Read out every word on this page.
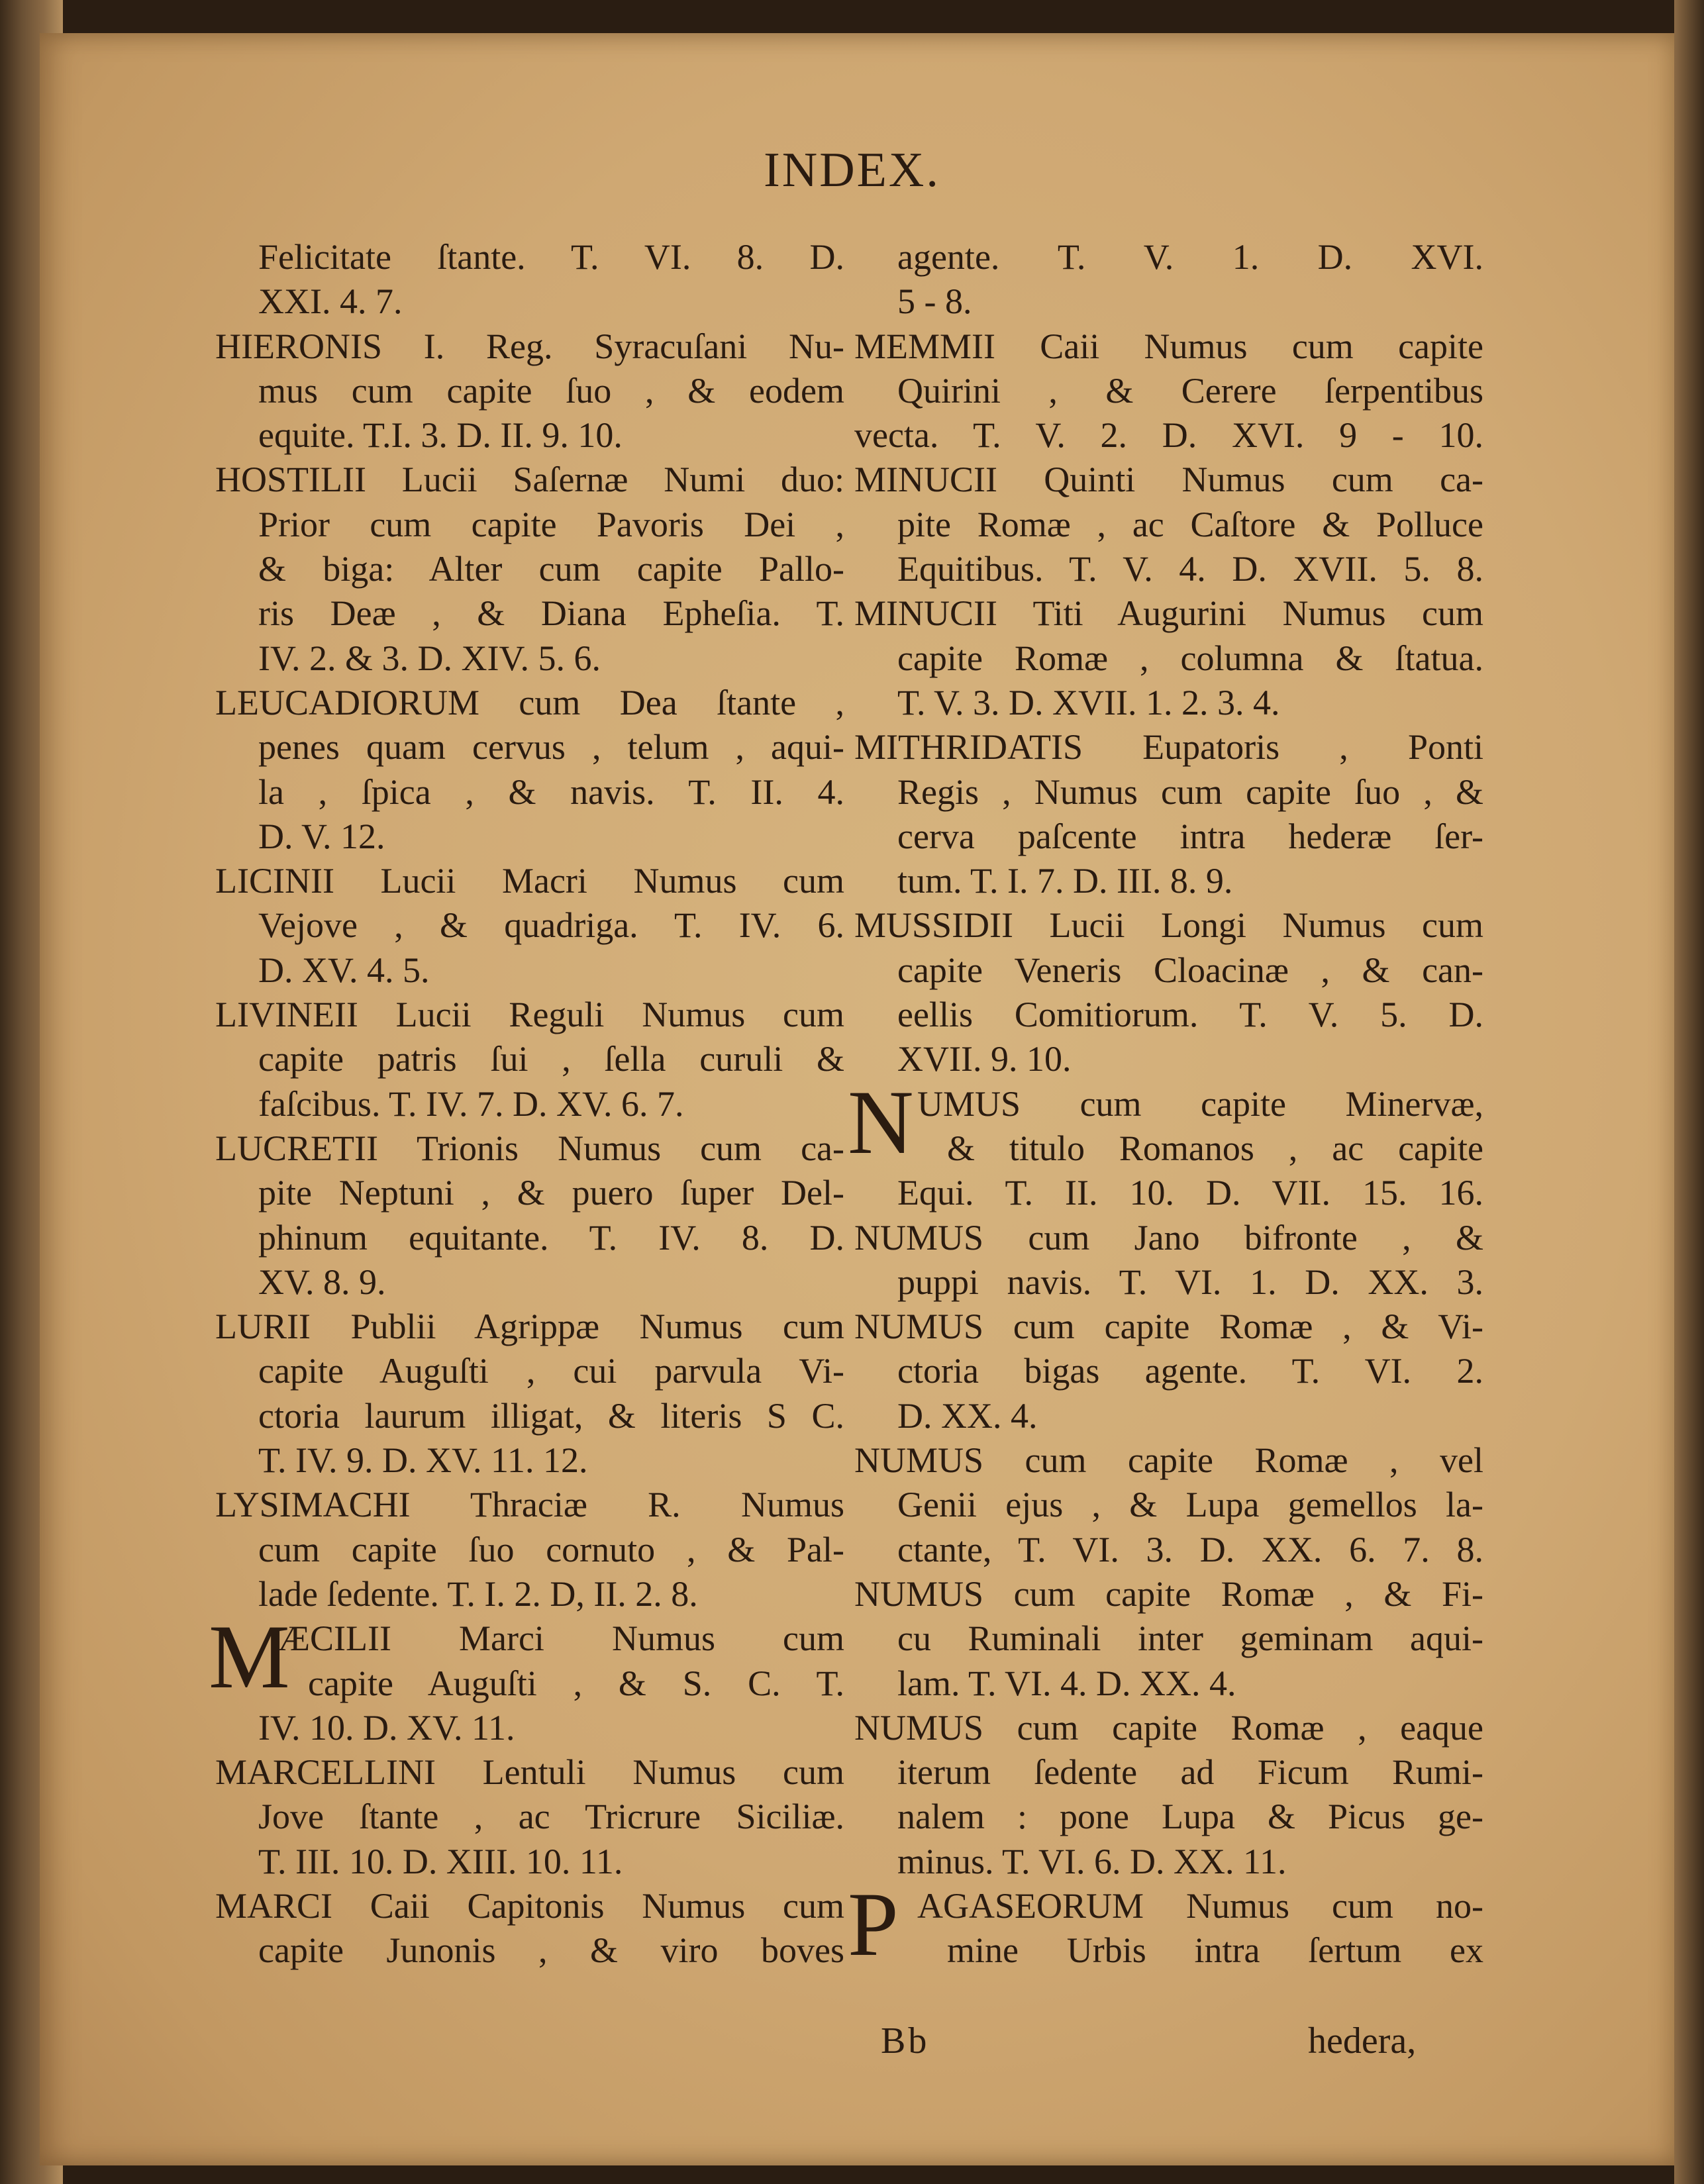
INDEX.
Felicitate ſtante. T. VI. 8. D.
XXI. 4. 7.
HIERONIS I. Reg. Syracuſani Nu-
mus cum capite ſuo , & eodem
equite. T.I. 3. D. II. 9. 10.
HOSTILII Lucii Saſernæ Numi duo:
Prior cum capite Pavoris Dei ,
& biga: Alter cum capite Pallo-
ris Deæ , & Diana Epheſia. T.
IV. 2. & 3. D. XIV. 5. 6.
LEUCADIORUM cum Dea ſtante ,
penes quam cervus , telum , aqui-
la , ſpica , & navis. T. II. 4.
D. V. 12.
LICINII Lucii Macri Numus cum
Vejove , & quadriga. T. IV. 6.
D. XV. 4. 5.
LIVINEII Lucii Reguli Numus cum
capite patris ſui , ſella curuli &
faſcibus. T. IV. 7. D. XV. 6. 7.
LUCRETII Trionis Numus cum ca-
pite Neptuni , & puero ſuper Del-
phinum equitante. T. IV. 8. D.
XV. 8. 9.
LURII Publii Agrippæ Numus cum
capite Auguſti , cui parvula Vi-
ctoria laurum illigat, & literis S C.
T. IV. 9. D. XV. 11. 12.
LYSIMACHI Thraciæ R. Numus
cum capite ſuo cornuto , & Pal-
lade ſedente. T. I. 2. D, II. 2. 8.
M
ÆCILII Marci Numus cum
capite Auguſti , & S. C. T.
IV. 10. D. XV. 11.
MARCELLINI Lentuli Numus cum
Jove ſtante , ac Tricrure Siciliæ.
T. III. 10. D. XIII. 10. 11.
MARCI Caii Capitonis Numus cum
capite Junonis , & viro boves
agente. T. V. 1. D. XVI.
5 - 8.
MEMMII Caii Numus cum capite
Quirini , & Cerere ſerpentibus
vecta. T. V. 2. D. XVI. 9 - 10.
MINUCII Quinti Numus cum ca-
pite Romæ , ac Caſtore & Polluce
Equitibus. T. V. 4. D. XVII. 5. 8.
MINUCII Titi Augurini Numus cum
capite Romæ , columna & ſtatua.
T. V. 3. D. XVII. 1. 2. 3. 4.
MITHRIDATIS Eupatoris , Ponti
Regis , Numus cum capite ſuo , &
cerva paſcente intra hederæ ſer-
tum. T. I. 7. D. III. 8. 9.
MUSSIDII Lucii Longi Numus cum
capite Veneris Cloacinæ , & can-
eellis Comitiorum. T. V. 5. D.
XVII. 9. 10.
N UMUS cum capite Minervæ,
& titulo Romanos , ac capite
Equi. T. II. 10. D. VII. 15. 16.
NUMUS cum Jano bifronte , &
puppi navis. T. VI. 1. D. XX. 3.
NUMUS cum capite Romæ , & Vi-
ctoria bigas agente. T. VI. 2.
D. XX. 4.
NUMUS cum capite Romæ , vel
Genii ejus , & Lupa gemellos la-
ctante, T. VI. 3. D. XX. 6. 7. 8.
NUMUS cum capite Romæ , & Fi-
cu Ruminali inter geminam aqui-
lam. T. VI. 4. D. XX. 4.
NUMUS cum capite Romæ , eaque
iterum ſedente ad Ficum Rumi-
nalem : pone Lupa & Picus ge-
minus. T. VI. 6. D. XX. 11.
P AGASEORUM Numus cum no-
mine Urbis intra ſertum ex
Bb	hedera,
